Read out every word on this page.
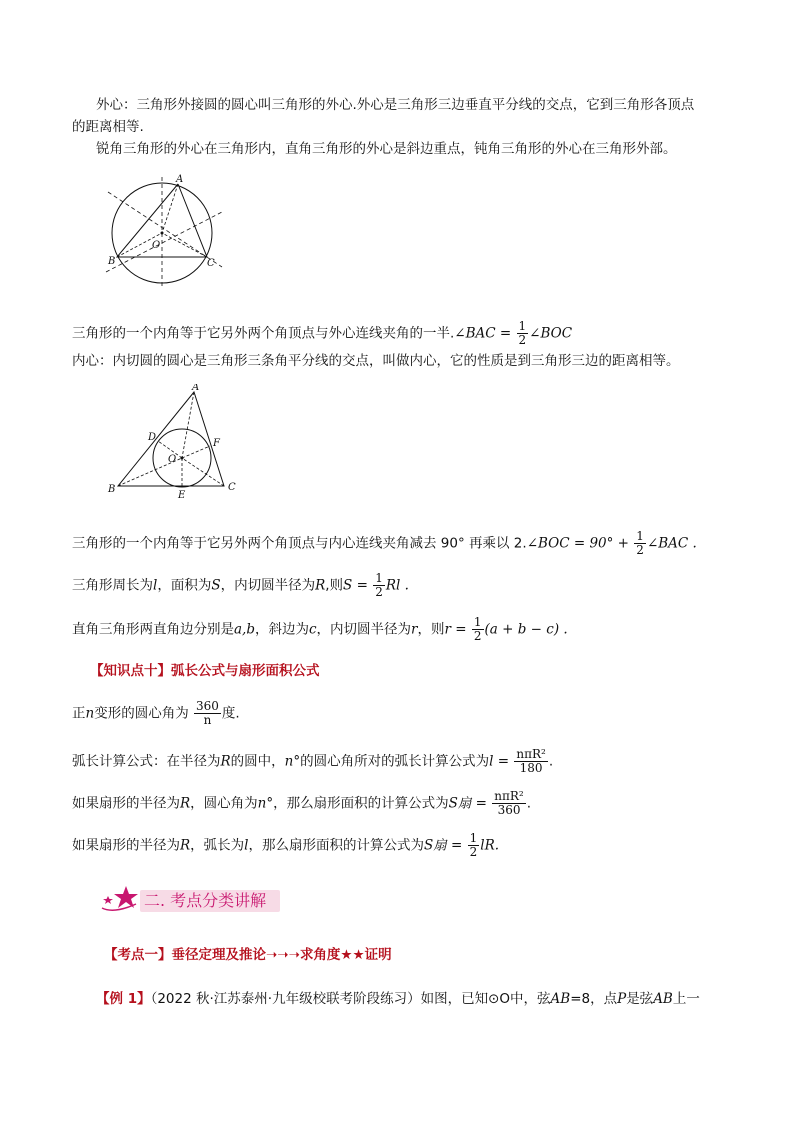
外心：三角形外接圆的圆心叫三角形的外心.外心是三角形三边垂直平分线的交点，它到三角形各顶点
的距离相等.
锐角三角形的外心在三角形内，直角三角形的外心是斜边重点，钝角三角形的外心在三角形外部。
A
B	C
O
三角形的一个内角等于它另外两个角顶点与外心连线夹角的一半.∠BAC = $\frac{1}{2}$ ∠BOC
内心：内切圆的圆心是三角形三条角平分线的交点，叫做内心，它的性质是到三角形三边的距离相等。
A
B	C
D
E
F
O
三角形的一个内角等于它另外两个角顶点与内心连线夹角减去 90° 再乘以 2.∠BOC = $90^\circ + \frac{1}{2}$ ∠BAC .
三角形周长为l，面积为S，内切圆半径为R,则$S = \frac{1}{2}$ Rl .
直角三角形两直角边分别是a,b，斜边为c，内切圆半径为r，则$r = \frac{1}{2} (a + b - c)$ .
【知识点十】弧长公式与扇形面积公式
正n变形的圆心角为 $\frac{360}{n}$ 度.
弧长计算公式：在半径为R的圆中，n°的圆心角所对的弧长计算公式为$l = \frac{\text{nπR²}}{180}$ .
如果扇形的半径为R，圆心角为n°，那么扇形面积的计算公式为S扇 = $\frac{\text{nπR²}}{360}$ .
如果扇形的半径为R，弧长为l，那么扇形面积的计算公式为S扇 = $\frac{1}{2}$ lR.
二. 考点分类讲解
【考点一】垂径定理及推论➝➝➝求角度★★证明
【例 1】（2022 秋·江苏泰州·九年级校联考阶段练习）如图，已知⊙O中，弦AB=8，点P是弦AB上一
